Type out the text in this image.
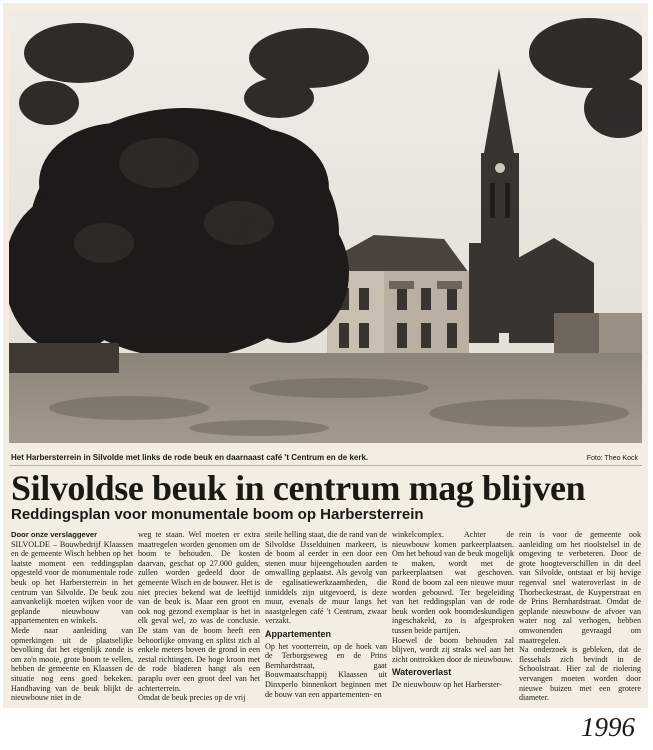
Het Harbersterrein in Silvolde met links de rode beuk en daarnaast café 't Centrum en de kerk.	Foto: Theo Kock
Silvoldse beuk in centrum mag blijven
Reddingsplan voor monumentale boom op Harbersterrein

Door onze verslaggever

SILVOLDE – Bouwbedrijf Klaassen en de gemeente Wisch hebben op het laatste moment een reddingsplan opgesteld voor de monumentale rode beuk op het Harbersterrein in het centrum van Silvolde. De beuk zou aanvankelijk moeten wijken voor de geplande nieuwbouw van appartementen en winkels.

Mede naar aanleiding van opmerkingen uit de plaatselijke bevolking dat het eigenlijk zonde is om zo'n mooie, grote boom te vellen, hebben de gemeente en Klaassen de situatie nog eens goed bekeken. Handhaving van de beuk blijkt de nieuwbouw niet in de

weg te staan. Wel moeten er extra maatregelen worden genomen om de boom te behouden. De kosten daarvan, geschat op 27.000 gulden, zullen worden gedeeld door de gemeente Wisch en de bouwer. Het is niet precies bekend wat de leeftijd van de beuk is. Maar een groot en ook nog gezond exemplaar is het in elk geval wel, zo was de conclusie. De stam van de boom heeft een behoorlijke omvang en splitst zich al enkele meters boven de grond in een zestal richtingen. De hoge kroon met de rode bladeren hangt als een paraplu over een groot deel van het achterterrein.

Omdat de beuk precies op de vrij

steile helling staat, die de rand van de Silvoldse IJsselduinen markeert, is de boom al eerder in een door een stenen muur bijeengehouden aarden omwalling geplaatst. Als gevolg van de egalisatiewerkzaamheden, die inmiddels zijn uitgevoerd, is deze muur, evenals de muur langs het naastgelegen café 't Centrum, zwaar verzakt.

Appartementen

Op het voorterrein, op de hoek van de Terborgseweg en de Prins Bernhardstraat, gaat Bouwmaatschappij Klaassen uit Dinxperlo binnenkort beginnen met de bouw van een appartementen- en

winkelcomplex. Achter de nieuwbouw komen parkeerplaatsen. Om het behoud van de beuk mogelijk te maken, wordt met de parkeerplaatsen wat geschoven. Rond de boom zal een nieuwe muur worden gebouwd. Ter begeleiding van het reddingsplan van de rode beuk worden ook boomdeskundigen ingeschakeld, zo is afgesproken tussen beide partijen.

Hoewel de boom behouden zal blijven, wordt zij straks wel aan het zicht onttrokken door de nieuwbouw.

Wateroverlast

De nieuwbouw op het Harberster-

rein is voor de gemeente ook aanleiding om het rioolstelsel in de omgeving te verbeteren. Door de grote hoogteverschillen in dit deel van Silvolde, ontstaat er bij hevige regenval snel wateroverlast in de Thorbeckestraat, de Kuyperstraat en de Prins Bernhardstraat. Omdat de geplande nieuwbouw de afvoer van water nog zal verhogen, hebben omwonenden gevraagd om maatregelen.

Na onderzoek is gebleken, dat de flessehals zich bevindt in de Schoolstraat. Hier zal de riolering vervangen moeten worden door nieuwe buizen met een grotere diameter.

1996
